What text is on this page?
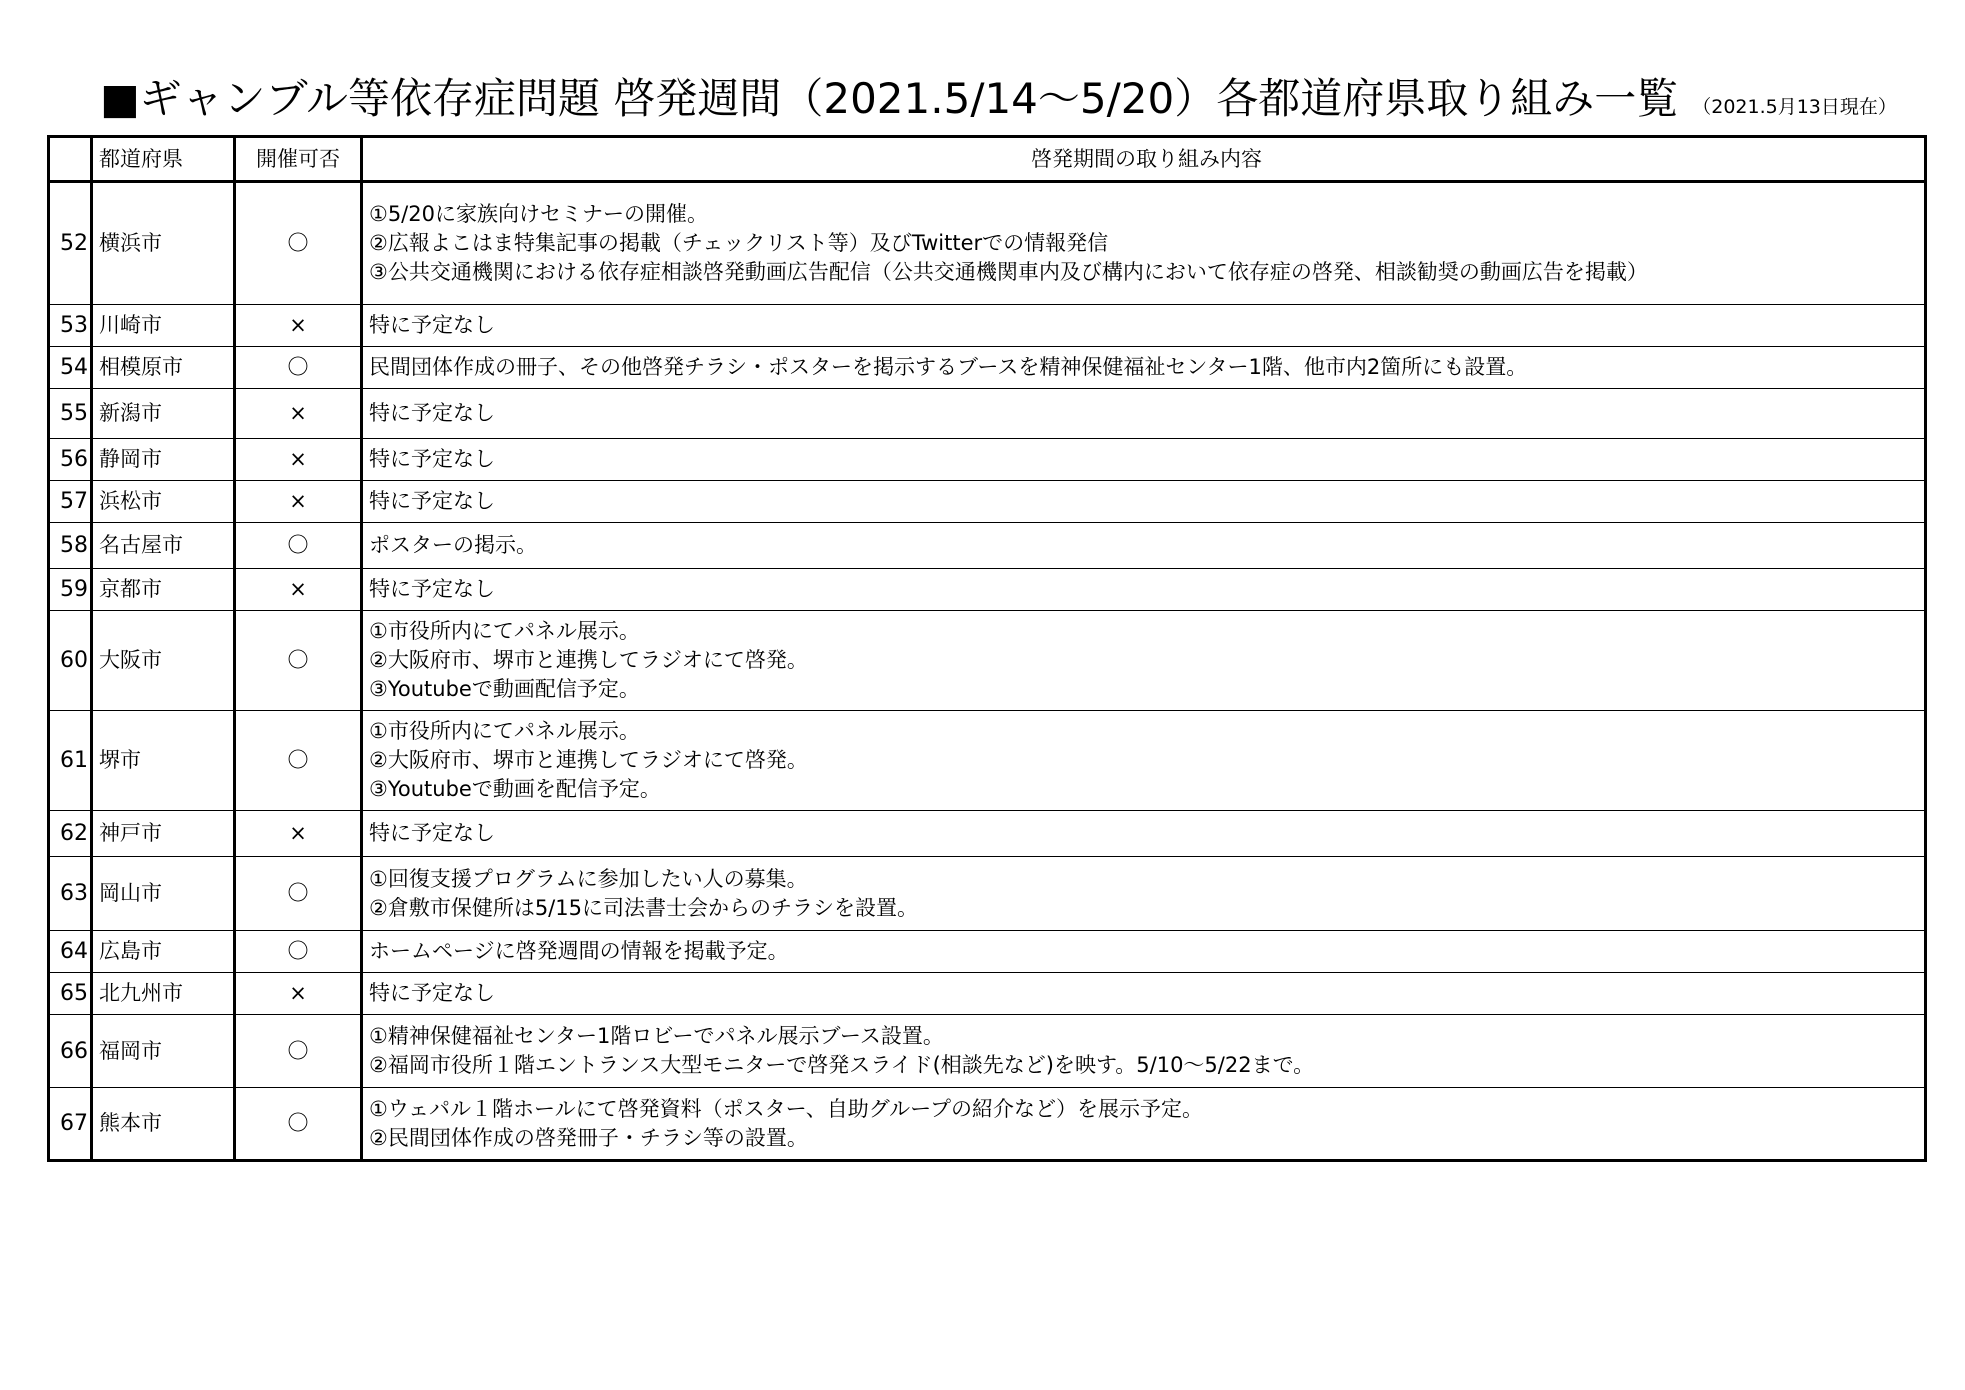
■ギャンブル等依存症問題 啓発週間（2021.5/14～5/20）各都道府県取り組み一覧 （2021.5月13日現在）
	都道府県	開催可否	啓発期間の取り組み内容
52	横浜市	〇	①5/20に家族向けセミナーの開催。
②広報よこはま特集記事の掲載（チェックリスト等）及びTwitterでの情報発信
③公共交通機関における依存症相談啓発動画広告配信（公共交通機関車内及び構内において依存症の啓発、相談勧奨の動画広告を掲載）

53	川崎市	×	特に予定なし

54	相模原市	〇	民間団体作成の冊子、その他啓発チラシ・ポスターを掲示するブースを精神保健福祉センター1階、他市内2箇所にも設置。

55	新潟市	×	特に予定なし

56	静岡市	×	特に予定なし

57	浜松市	×	特に予定なし

58	名古屋市	〇	ポスターの掲示。

59	京都市	×	特に予定なし

60	大阪市	〇	①市役所内にてパネル展示。
②大阪府市、堺市と連携してラジオにて啓発。
③Youtubeで動画配信予定。

61	堺市	〇	①市役所内にてパネル展示。
②大阪府市、堺市と連携してラジオにて啓発。
③Youtubeで動画を配信予定。

62	神戸市	×	特に予定なし

63	岡山市	〇	①回復支援プログラムに参加したい人の募集。
②倉敷市保健所は5/15に司法書士会からのチラシを設置。

64	広島市	〇	ホームページに啓発週間の情報を掲載予定。

65	北九州市	×	特に予定なし

66	福岡市	〇	①精神保健福祉センター1階ロビーでパネル展示ブース設置。
②福岡市役所１階エントランス大型モニターで啓発スライド(相談先など)を映す。5/10～5/22まで。

67	熊本市	〇	①ウェパル１階ホールにて啓発資料（ポスター、自助グループの紹介など）を展示予定。
②民間団体作成の啓発冊子・チラシ等の設置。
